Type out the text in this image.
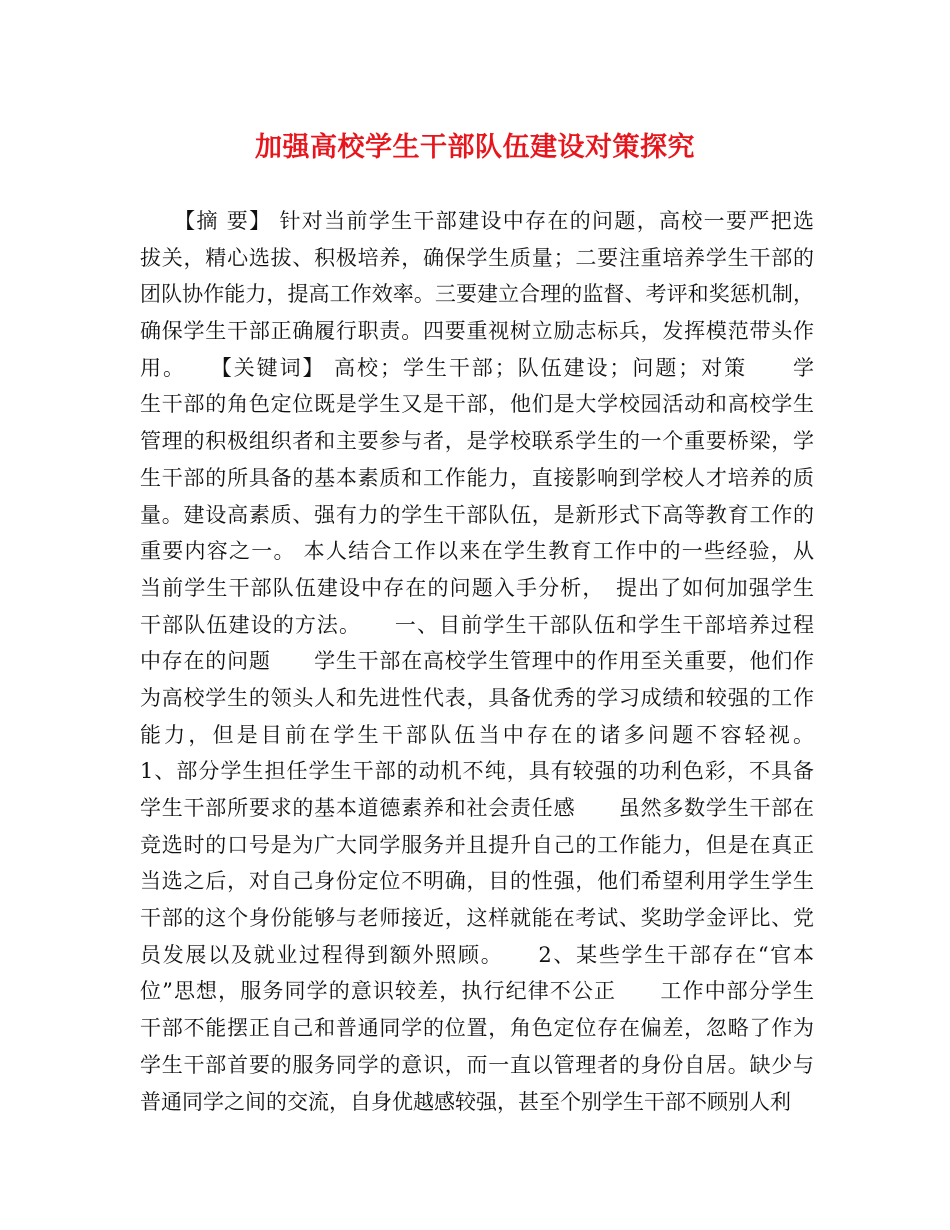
加强高校学生干部队伍建设对策探究
　　【摘 要】 针对当前学生干部建设中存在的问题，高校一要严把选
拔关，精心选拔、积极培养，确保学生质量；二要注重培养学生干部的
团队协作能力，提高工作效率。三要建立合理的监督、考评和奖惩机制，
确保学生干部正确履行职责。四要重视树立励志标兵，发挥模范带头作
用。　　【关键词】 高校；学生干部；队伍建设；问题；对策　　学
生干部的角色定位既是学生又是干部，他们是大学校园活动和高校学生
管理的积极组织者和主要参与者，是学校联系学生的一个重要桥梁，学
生干部的所具备的基本素质和工作能力，直接影响到学校人才培养的质
量。建设高素质、强有力的学生干部队伍，是新形式下高等教育工作的
重要内容之一。 本人结合工作以来在学生教育工作中的一些经验，从
当前学生干部队伍建设中存在的问题入手分析，　提出了如何加强学生
干部队伍建设的方法。　　一、目前学生干部队伍和学生干部培养过程
中存在的问题　　学生干部在高校学生管理中的作用至关重要，他们作
为高校学生的领头人和先进性代表，具备优秀的学习成绩和较强的工作
能力，但是目前在学生干部队伍当中存在的诸多问题不容轻视。
1、部分学生担任学生干部的动机不纯，具有较强的功利色彩，不具备
学生干部所要求的基本道德素养和社会责任感　　虽然多数学生干部在
竞选时的口号是为广大同学服务并且提升自己的工作能力，但是在真正
当选之后，对自己身份定位不明确，目的性强，他们希望利用学生学生
干部的这个身份能够与老师接近，这样就能在考试、奖助学金评比、党
员发展以及就业过程得到额外照顾。　　2、某些学生干部存在“官本
位”思想，服务同学的意识较差，执行纪律不公正　　工作中部分学生
干部不能摆正自己和普通同学的位置，角色定位存在偏差，忽略了作为
学生干部首要的服务同学的意识，而一直以管理者的身份自居。缺少与
普通同学之间的交流，自身优越感较强，甚至个别学生干部不顾别人利
